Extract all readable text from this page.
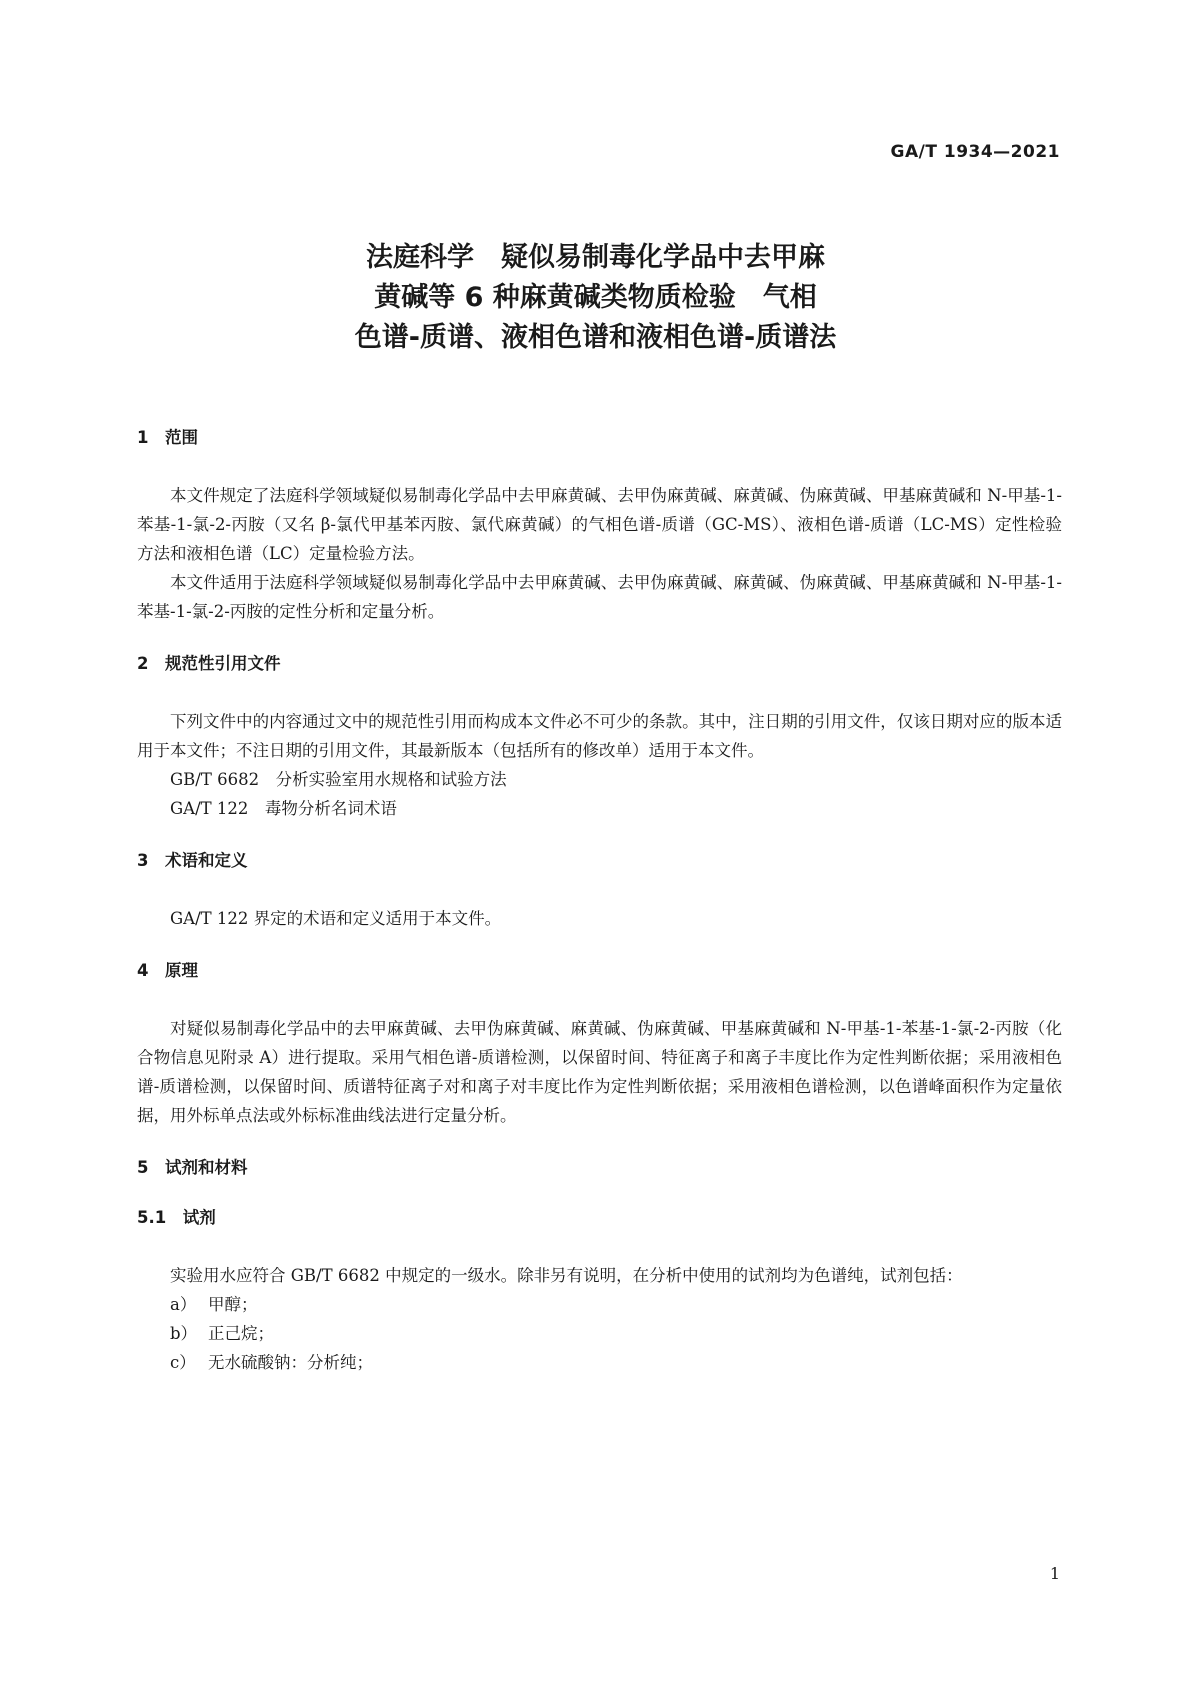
GA/T 1934—2021
法庭科学　疑似易制毒化学品中去甲麻
黄碱等 6 种麻黄碱类物质检验　气相
色谱-质谱、液相色谱和液相色谱-质谱法
1　范围

本文件规定了法庭科学领域疑似易制毒化学品中去甲麻黄碱、去甲伪麻黄碱、麻黄碱、伪麻黄碱、甲基麻黄碱和 N-甲基-1-苯基-1-氯-2-丙胺（又名 β-氯代甲基苯丙胺、氯代麻黄碱）的气相色谱-质谱（GC-MS）、液相色谱-质谱（LC-MS）定性检验方法和液相色谱（LC）定量检验方法。

本文件适用于法庭科学领域疑似易制毒化学品中去甲麻黄碱、去甲伪麻黄碱、麻黄碱、伪麻黄碱、甲基麻黄碱和 N-甲基-1-苯基-1-氯-2-丙胺的定性分析和定量分析。

2　规范性引用文件

下列文件中的内容通过文中的规范性引用而构成本文件必不可少的条款。其中，注日期的引用文件，仅该日期对应的版本适用于本文件；不注日期的引用文件，其最新版本（包括所有的修改单）适用于本文件。

GB/T 6682　分析实验室用水规格和试验方法

GA/T 122　毒物分析名词术语

3　术语和定义

GA/T 122 界定的术语和定义适用于本文件。

4　原理

对疑似易制毒化学品中的去甲麻黄碱、去甲伪麻黄碱、麻黄碱、伪麻黄碱、甲基麻黄碱和 N-甲基-1-苯基-1-氯-2-丙胺（化合物信息见附录 A）进行提取。采用气相色谱-质谱检测，以保留时间、特征离子和离子丰度比作为定性判断依据；采用液相色谱-质谱检测，以保留时间、质谱特征离子对和离子对丰度比作为定性判断依据；采用液相色谱检测，以色谱峰面积作为定量依据，用外标单点法或外标标准曲线法进行定量分析。

5　试剂和材料
5.1　试剂

实验用水应符合 GB/T 6682 中规定的一级水。除非另有说明，在分析中使用的试剂均为色谱纯，试剂包括：

a） 甲醇；

b） 正己烷；

c） 无水硫酸钠：分析纯；

1
